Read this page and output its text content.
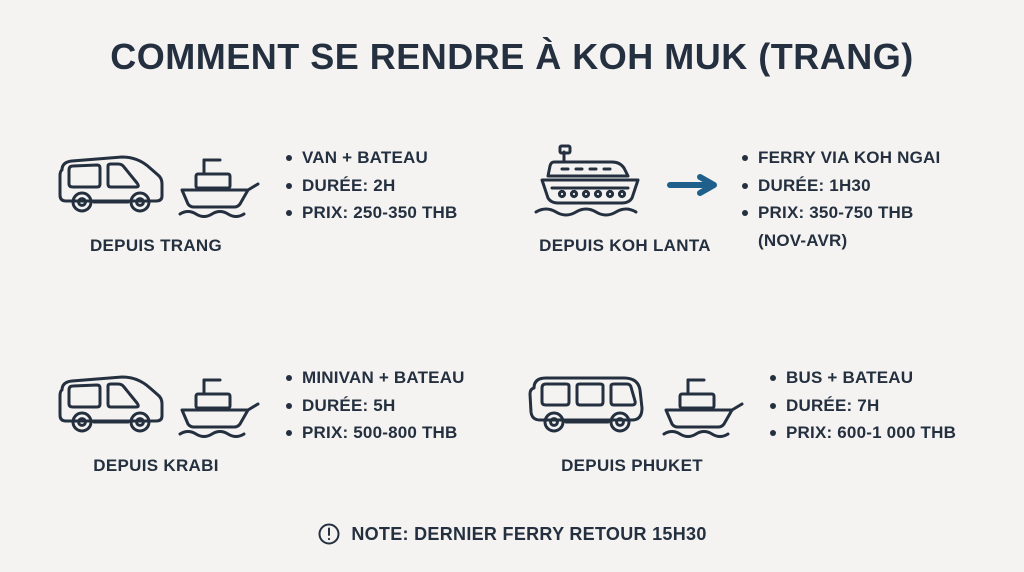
COMMENT SE RENDRE À KOH MUK (TRANG)
DEPUIS TRANG
VAN + BATEAU
DURÉE: 2H
PRIX: 250-350 THB
DEPUIS KOH LANTA
FERRY VIA KOH NGAI
DURÉE: 1H30
PRIX: 350-750 THB
(NOV-AVR)
DEPUIS KRABI
MINIVAN + BATEAU
DURÉE: 5H
PRIX: 500-800 THB
DEPUIS PHUKET
BUS + BATEAU
DURÉE: 7H
PRIX: 600-1 000 THB
NOTE: DERNIER FERRY RETOUR 15H30
